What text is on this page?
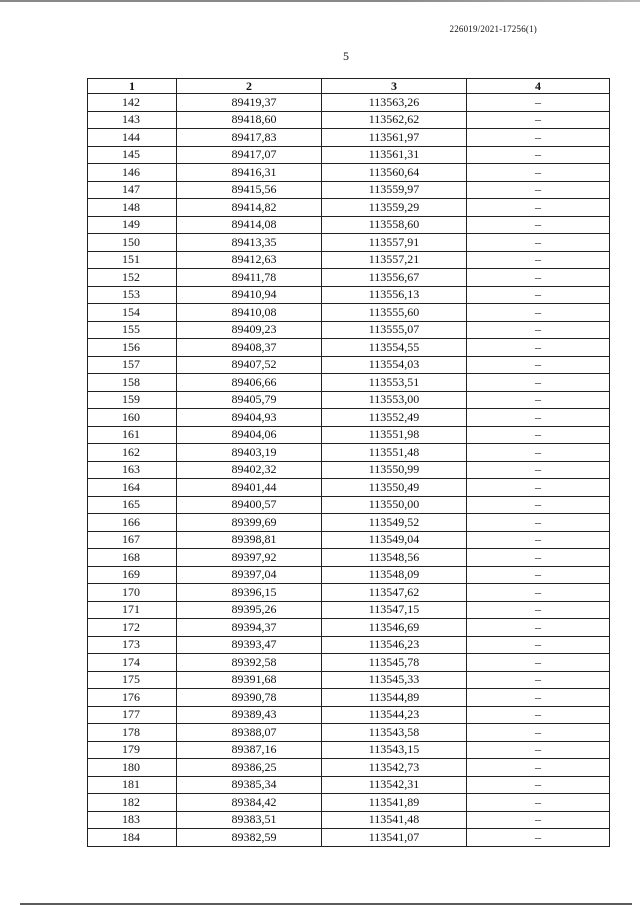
226019/2021-17256(1)
5
1	2	3	4
142	89419,37	113563,26	–
143	89418,60	113562,62	–
144	89417,83	113561,97	–
145	89417,07	113561,31	–
146	89416,31	113560,64	–
147	89415,56	113559,97	–
148	89414,82	113559,29	–
149	89414,08	113558,60	–
150	89413,35	113557,91	–
151	89412,63	113557,21	–
152	89411,78	113556,67	–
153	89410,94	113556,13	–
154	89410,08	113555,60	–
155	89409,23	113555,07	–
156	89408,37	113554,55	–
157	89407,52	113554,03	–
158	89406,66	113553,51	–
159	89405,79	113553,00	–
160	89404,93	113552,49	–
161	89404,06	113551,98	–
162	89403,19	113551,48	–
163	89402,32	113550,99	–
164	89401,44	113550,49	–
165	89400,57	113550,00	–
166	89399,69	113549,52	–
167	89398,81	113549,04	–
168	89397,92	113548,56	–
169	89397,04	113548,09	–
170	89396,15	113547,62	–
171	89395,26	113547,15	–
172	89394,37	113546,69	–
173	89393,47	113546,23	–
174	89392,58	113545,78	–
175	89391,68	113545,33	–
176	89390,78	113544,89	–
177	89389,43	113544,23	–
178	89388,07	113543,58	–
179	89387,16	113543,15	–
180	89386,25	113542,73	–
181	89385,34	113542,31	–
182	89384,42	113541,89	–
183	89383,51	113541,48	–
184	89382,59	113541,07	–
